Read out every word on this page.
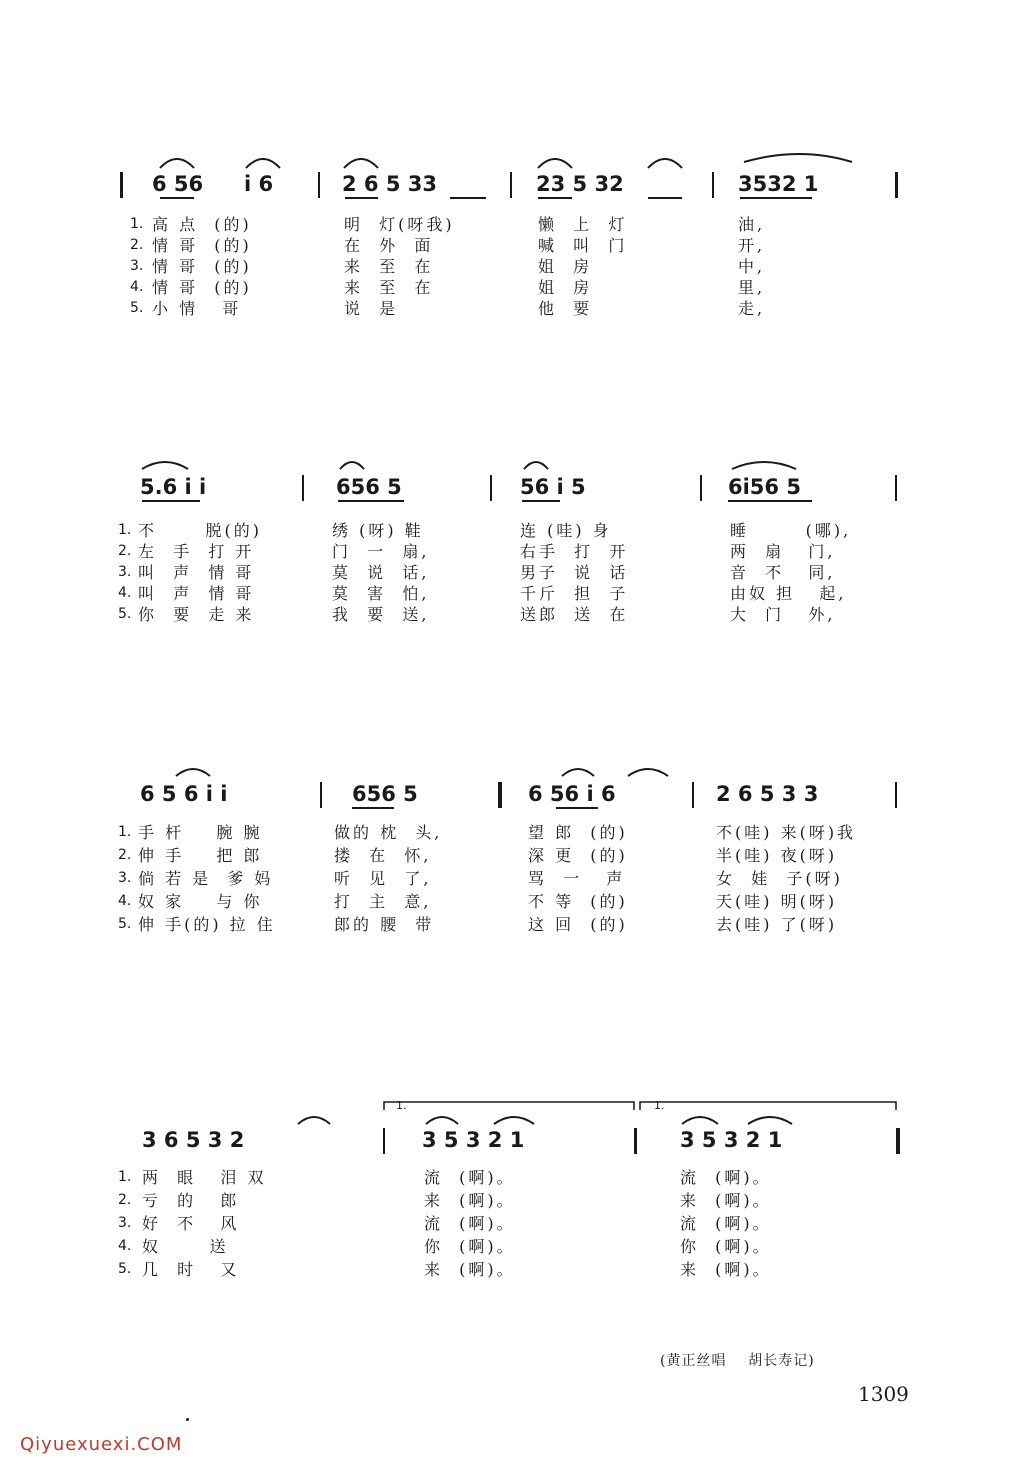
6 56 i 6	2 6 5 33	23 5 32	3532 1
1. 高 点  (的)	明  灯(呀我)	懒  上  灯	油,
2. 情 哥  (的)	在  外  面	喊  叫  门	开,
3. 情 哥  (的)	来  至  在	姐  房	中,
4. 情 哥  (的)	来  至  在	姐  房	里,
5. 小 情   哥	说  是	他  要	走,
5.6 i i	656 5	56 i 5	6i56 5
1. 不      脱(的)	绣 (呀) 鞋	连 (哇) 身	睡       (哪),
2. 左  手  打 开	门  一  扇,	右手  打  开	两  扇   门,
3. 叫  声  情 哥	莫  说  话,	男子  说  话	音  不   同,
4. 叫  声  情 哥	莫  害  怕,	千斤  担  子	由奴 担   起,
5. 你  要  走 来	我  要  送,	送郎  送  在	大  门   外,
6 5 6 i i	656 5	6 56 i 6	2 6 5 3 3
1. 手 杆    腕 腕	做的 枕  头,	望 郎  (的)	不(哇) 来(呀)我
2. 伸 手    把 郎	搂  在  怀,	深 更  (的)	半(哇) 夜(呀)
3. 倘 若 是  爹 妈	听  见  了,	骂  一   声	女  娃  子(呀)
4. 奴 家    与 你	打  主  意,	不 等  (的)	天(哇) 明(呀)
5. 伸 手(的) 拉 住	郎的 腰  带	这 回  (的)	去(哇) 了(呀)
1.	1.
3 6 5 3 2	3 5 3 2 1	3 5 3 2 1
1. 两  眼   泪 双	流  (啊)。	流  (啊)。
2. 亏  的   郎	来  (啊)。	来  (啊)。
3. 好  不   风	流  (啊)。	流  (啊)。
4. 奴      送	你  (啊)。	你  (啊)。
5. 几  时   又	来  (啊)。	来  (啊)。
(黄正丝唱    胡长寿记)
1309
Qiyuexuexi.COM
